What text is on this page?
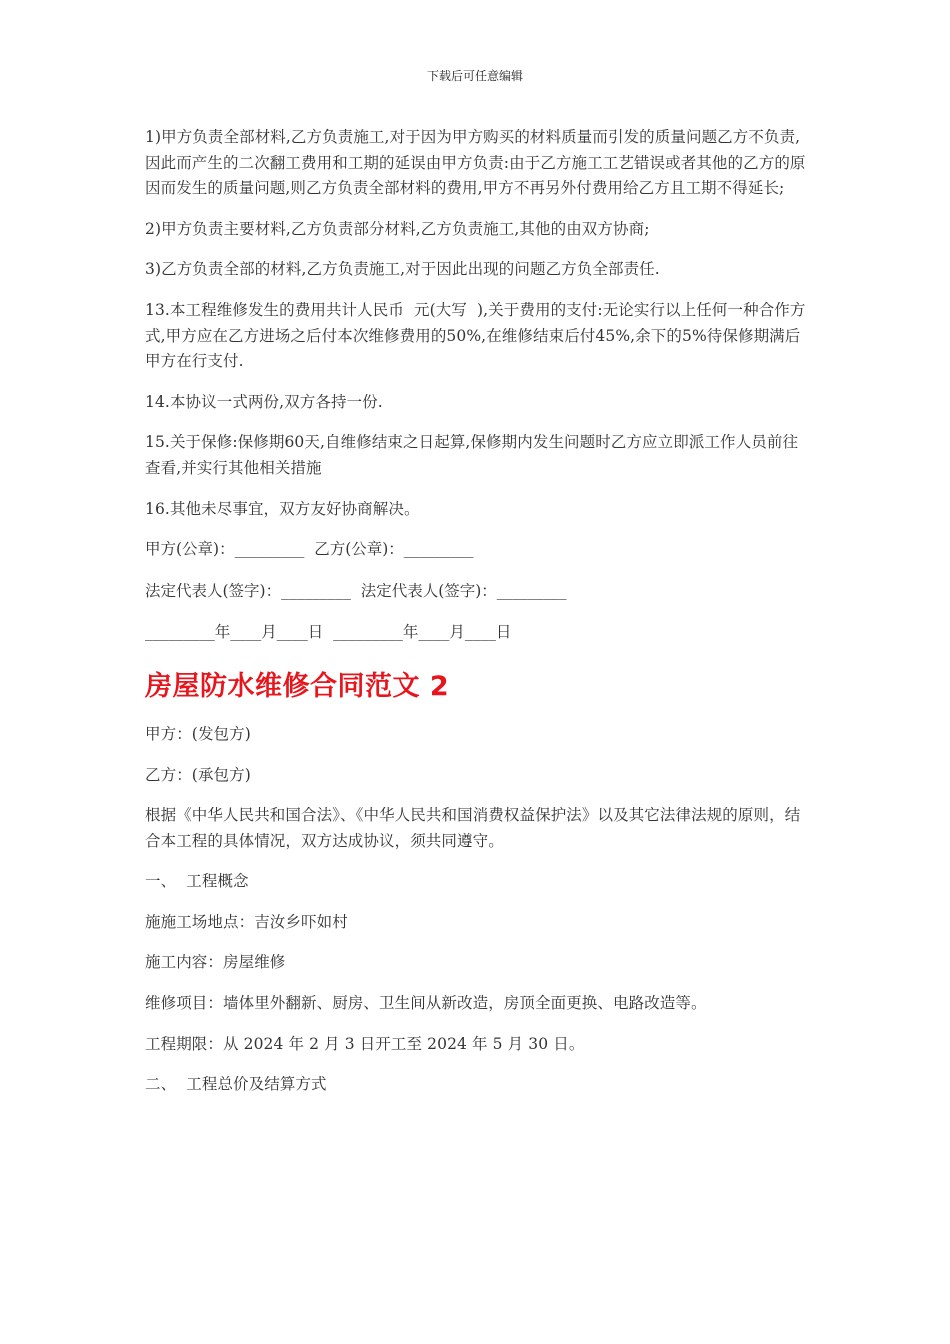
下载后可任意编辑

1)甲方负责全部材料,乙方负责施工,对于因为甲方购买的材料质量而引发的质量问题乙方不负责,因此而产生的二次翻工费用和工期的延误由甲方负责:由于乙方施工工艺错误或者其他的乙方的原因而发生的质量问题,则乙方负责全部材料的费用,甲方不再另外付费用给乙方且工期不得延长;

2)甲方负责主要材料,乙方负责部分材料,乙方负责施工,其他的由双方协商;

3)乙方负责全部的材料,乙方负责施工,对于因此出现的问题乙方负全部责任.

13.本工程维修发生的费用共计人民币  元(大写  ),关于费用的支付:无论实行以上任何一种合作方式,甲方应在乙方进场之后付本次维修费用的50%,在维修结束后付45%,余下的5%待保修期满后甲方在行支付.

14.本协议一式两份,双方各持一份.

15.关于保修:保修期60天,自维修结束之日起算,保修期内发生问题时乙方应立即派工作人员前往查看,并实行其他相关措施

16.其他未尽事宜，双方友好协商解决。

甲方(公章)：_________  乙方(公章)：_________

法定代表人(签字)：_________  法定代表人(签字)：_________

_________年____月____日  _________年____月____日

房屋防水维修合同范文 2

甲方：(发包方)

乙方：(承包方)

根据《中华人民共和国合法》、《中华人民共和国消费权益保护法》以及其它法律法规的原则，结合本工程的具体情况，双方达成协议，须共同遵守。

一、  工程概念

施施工场地点：吉汝乡吓如村

施工内容：房屋维修

维修项目：墙体里外翻新、厨房、卫生间从新改造，房顶全面更换、电路改造等。

工程期限：从 2024 年 2 月 3 日开工至 2024 年 5 月 30 日。

二、  工程总价及结算方式
